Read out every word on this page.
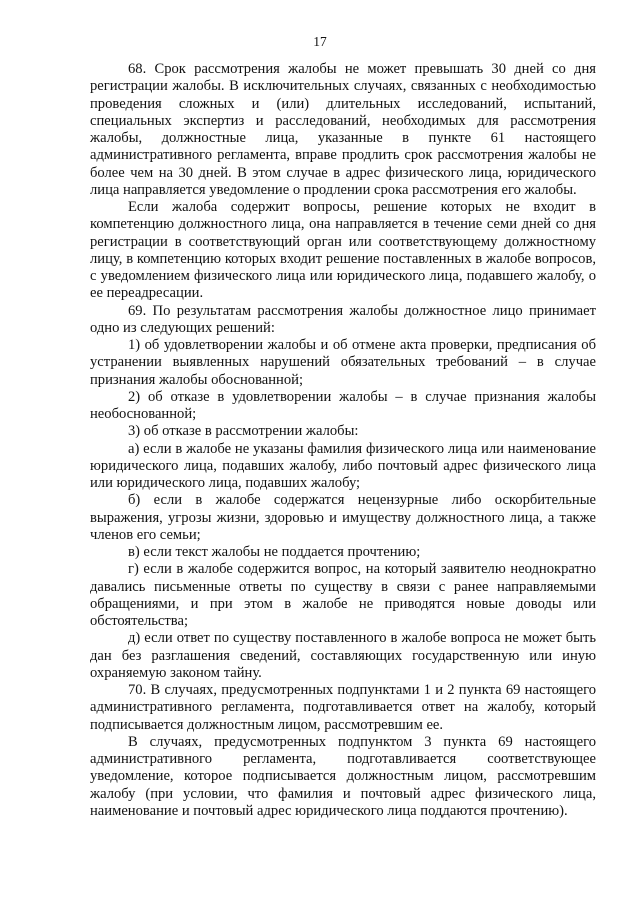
17

68. Срок рассмотрения жалобы не может превышать 30 дней со дня регистрации жалобы. В исключительных случаях, связанных с необходимостью проведения сложных и (или) длительных исследований, испытаний, специальных экспертиз и расследований, необходимых для рассмотрения жалобы, должностные лица, указанные в пункте 61 настоящего административного регламента, вправе продлить срок рассмотрения жалобы не более чем на 30 дней. В этом случае в адрес физического лица, юридического лица направляется уведомление о продлении срока рассмотрения его жалобы.

Если жалоба содержит вопросы, решение которых не входит в компетенцию должностного лица, она направляется в течение семи дней со дня регистрации в соответствующий орган или соответствующему должностному лицу, в компетенцию которых входит решение поставленных в жалобе вопросов, с уведомлением физического лица или юридического лица, подавшего жалобу, о ее переадресации.

69. По результатам рассмотрения жалобы должностное лицо принимает одно из следующих решений:

1) об удовлетворении жалобы и об отмене акта проверки, предписания об устранении выявленных нарушений обязательных требований – в случае признания жалобы обоснованной;

2) об отказе в удовлетворении жалобы – в случае признания жалобы необоснованной;

3) об отказе в рассмотрении жалобы:

а) если в жалобе не указаны фамилия физического лица или наименование юридического лица, подавших жалобу, либо почтовый адрес физического лица или юридического лица, подавших жалобу;

б) если в жалобе содержатся нецензурные либо оскорбительные выражения, угрозы жизни, здоровью и имуществу должностного лица, а также членов его семьи;

в) если текст жалобы не поддается прочтению;

г) если в жалобе содержится вопрос, на который заявителю неоднократно давались письменные ответы по существу в связи с ранее направляемыми обращениями, и при этом в жалобе не приводятся новые доводы или обстоятельства;

д) если ответ по существу поставленного в жалобе вопроса не может быть дан без разглашения сведений, составляющих государственную или иную охраняемую законом тайну.

70. В случаях, предусмотренных подпунктами 1 и 2 пункта 69 настоящего административного регламента, подготавливается ответ на жалобу, который подписывается должностным лицом, рассмотревшим ее.

В случаях, предусмотренных подпунктом 3 пункта 69 настоящего административного регламента, подготавливается соответствующее уведомление, которое подписывается должностным лицом, рассмотревшим жалобу (при условии, что фамилия и почтовый адрес физического лица, наименование и почтовый адрес юридического лица поддаются прочтению).
